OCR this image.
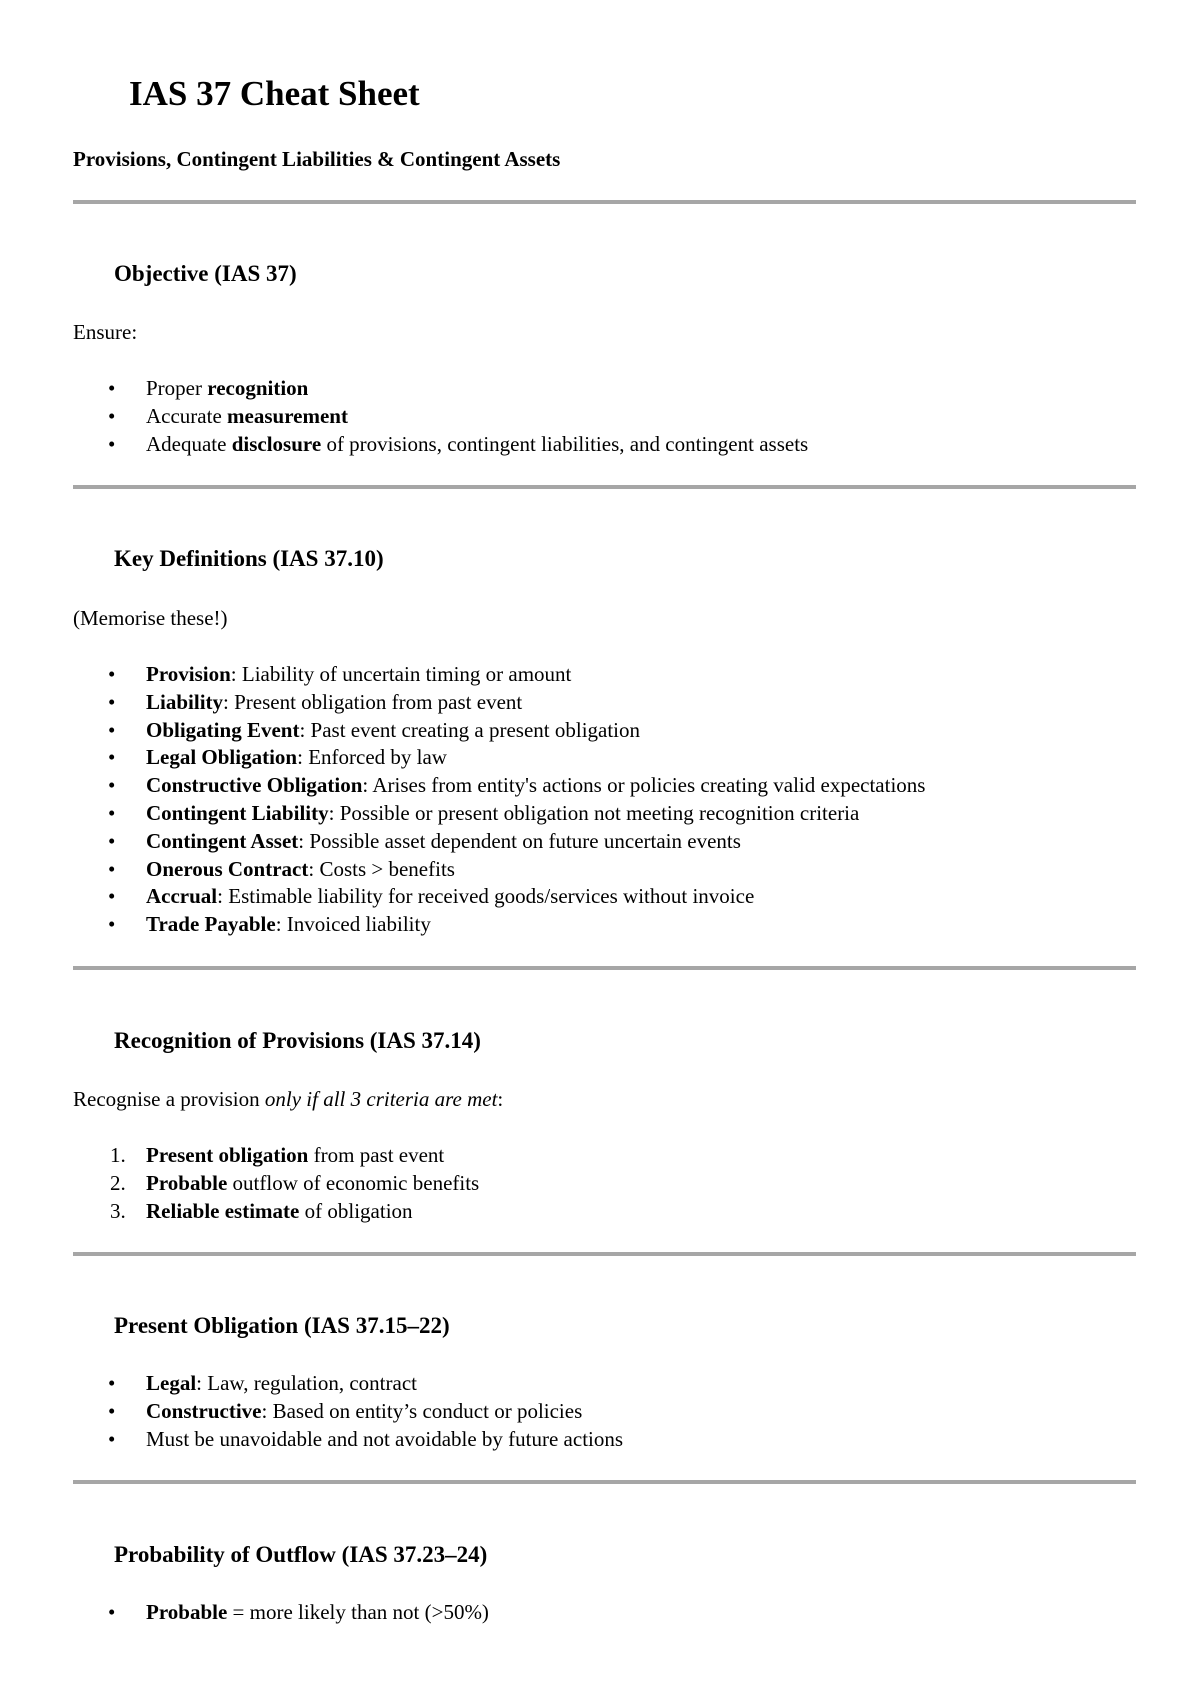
IAS 37 Cheat Sheet

Provisions, Contingent Liabilities & Contingent Assets

Objective (IAS 37)

Ensure:

•	Proper recognition
•	Accurate measurement
•	Adequate disclosure of provisions, contingent liabilities, and contingent assets
Key Definitions (IAS 37.10)

(Memorise these!)

•	Provision: Liability of uncertain timing or amount
•	Liability: Present obligation from past event
•	Obligating Event: Past event creating a present obligation
•	Legal Obligation: Enforced by law
•	Constructive Obligation: Arises from entity's actions or policies creating valid expectations
•	Contingent Liability: Possible or present obligation not meeting recognition criteria
•	Contingent Asset: Possible asset dependent on future uncertain events
•	Onerous Contract: Costs > benefits
•	Accrual: Estimable liability for received goods/services without invoice
•	Trade Payable: Invoiced liability
Recognition of Provisions (IAS 37.14)

Recognise a provision only if all 3 criteria are met:

1. Present obligation from past event
2. Probable outflow of economic benefits
3. Reliable estimate of obligation
Present Obligation (IAS 37.15–22)
•	Legal: Law, regulation, contract
•	Constructive: Based on entity’s conduct or policies
•	Must be unavoidable and not avoidable by future actions
Probability of Outflow (IAS 37.23–24)
•	Probable = more likely than not (>50%)
